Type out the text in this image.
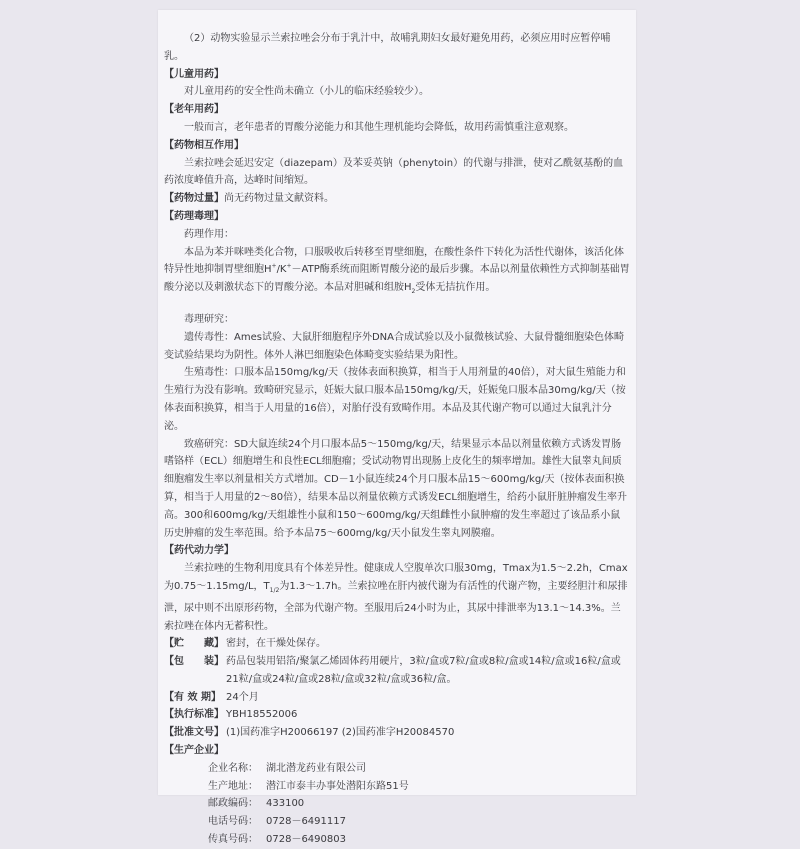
（2）动物实验显示兰索拉唑会分布于乳汁中，故哺乳期妇女最好避免用药，必须应用时应暂停哺乳。

【儿童用药】

对儿童用药的安全性尚未确立（小儿的临床经验较少）。

【老年用药】

一般而言，老年患者的胃酸分泌能力和其他生理机能均会降低，故用药需慎重注意观察。

【药物相互作用】

兰索拉唑会延迟安定（diazepam）及苯妥英钠（phenytoin）的代谢与排泄，使对乙酰氨基酚的血药浓度峰值升高，达峰时间缩短。

【药物过量】尚无药物过量文献资料。

【药理毒理】

药理作用：

本品为苯并咪唑类化合物，口服吸收后转移至胃壁细胞，在酸性条件下转化为活性代谢体，该活化体特异性地抑制胃壁细胞H+/K+－ATP酶系统而阻断胃酸分泌的最后步骤。本品以剂量依赖性方式抑制基础胃酸分泌以及刺激状态下的胃酸分泌。本品对胆碱和组胺$H_2$受体无拮抗作用。

毒理研究：

遗传毒性：Ames试验、大鼠肝细胞程序外DNA合成试验以及小鼠微核试验、大鼠骨髓细胞染色体畸变试验结果均为阴性。体外人淋巴细胞染色体畸变实验结果为阳性。

生殖毒性：口服本品150mg/kg/天（按体表面积换算，相当于人用剂量的40倍），对大鼠生殖能力和生殖行为没有影响。致畸研究显示，妊娠大鼠口服本品150mg/kg/天，妊娠兔口服本品30mg/kg/天（按体表面积换算，相当于人用量的16倍），对胎仔没有致畸作用。本品及其代谢产物可以通过大鼠乳汁分泌。

致癌研究：SD大鼠连续24个月口服本品5～150mg/kg/天，结果显示本品以剂量依赖方式诱发胃肠嗜铬样（ECL）细胞增生和良性ECL细胞瘤；受试动物胃出现肠上皮化生的频率增加。雄性大鼠睾丸间质细胞瘤发生率以剂量相关方式增加。CD－1小鼠连续24个月口服本品15～600mg/kg/天（按体表面积换算，相当于人用量的2～80倍），结果本品以剂量依赖方式诱发ECL细胞增生，给药小鼠肝脏肿瘤发生率升高。300和600mg/kg/天组雄性小鼠和150～600mg/kg/天组雌性小鼠肿瘤的发生率超过了该品系小鼠历史肿瘤的发生率范围。给予本品75～600mg/kg/天小鼠发生睾丸网膜瘤。

【药代动力学】

兰索拉唑的生物利用度具有个体差异性。健康成人空腹单次口服30mg，Tmax为1.5～2.2h，Cmax为0.75～1.15mg/L，$T_{1/2}$为1.3～1.7h。兰索拉唑在肝内被代谢为有活性的代谢产物，主要经胆汁和尿排泄，尿中则不出原形药物，全部为代谢产物。至服用后24小时为止，其尿中排泄率为13.1～14.3%。兰索拉唑在体内无蓄积性。

【贮　　藏】 密封，在干燥处保存。

【包　　装】 药品包装用铝箔/聚氯乙烯固体药用硬片，3粒/盒或7粒/盒或8粒/盒或14粒/盒或16粒/盒或21粒/盒或24粒/盒或28粒/盒或32粒/盒或36粒/盒。

【有 效 期】 24个月

【执行标准】 YBH18552006

【批准文号】 (1)国药准字H20066197 (2)国药准字H20084570

【生产企业】

企业名称： 湖北潜龙药业有限公司
生产地址： 潜江市泰丰办事处潜阳东路51号
邮政编码： 433100
电话号码： 0728－6491117
传真号码： 0728－6490803
